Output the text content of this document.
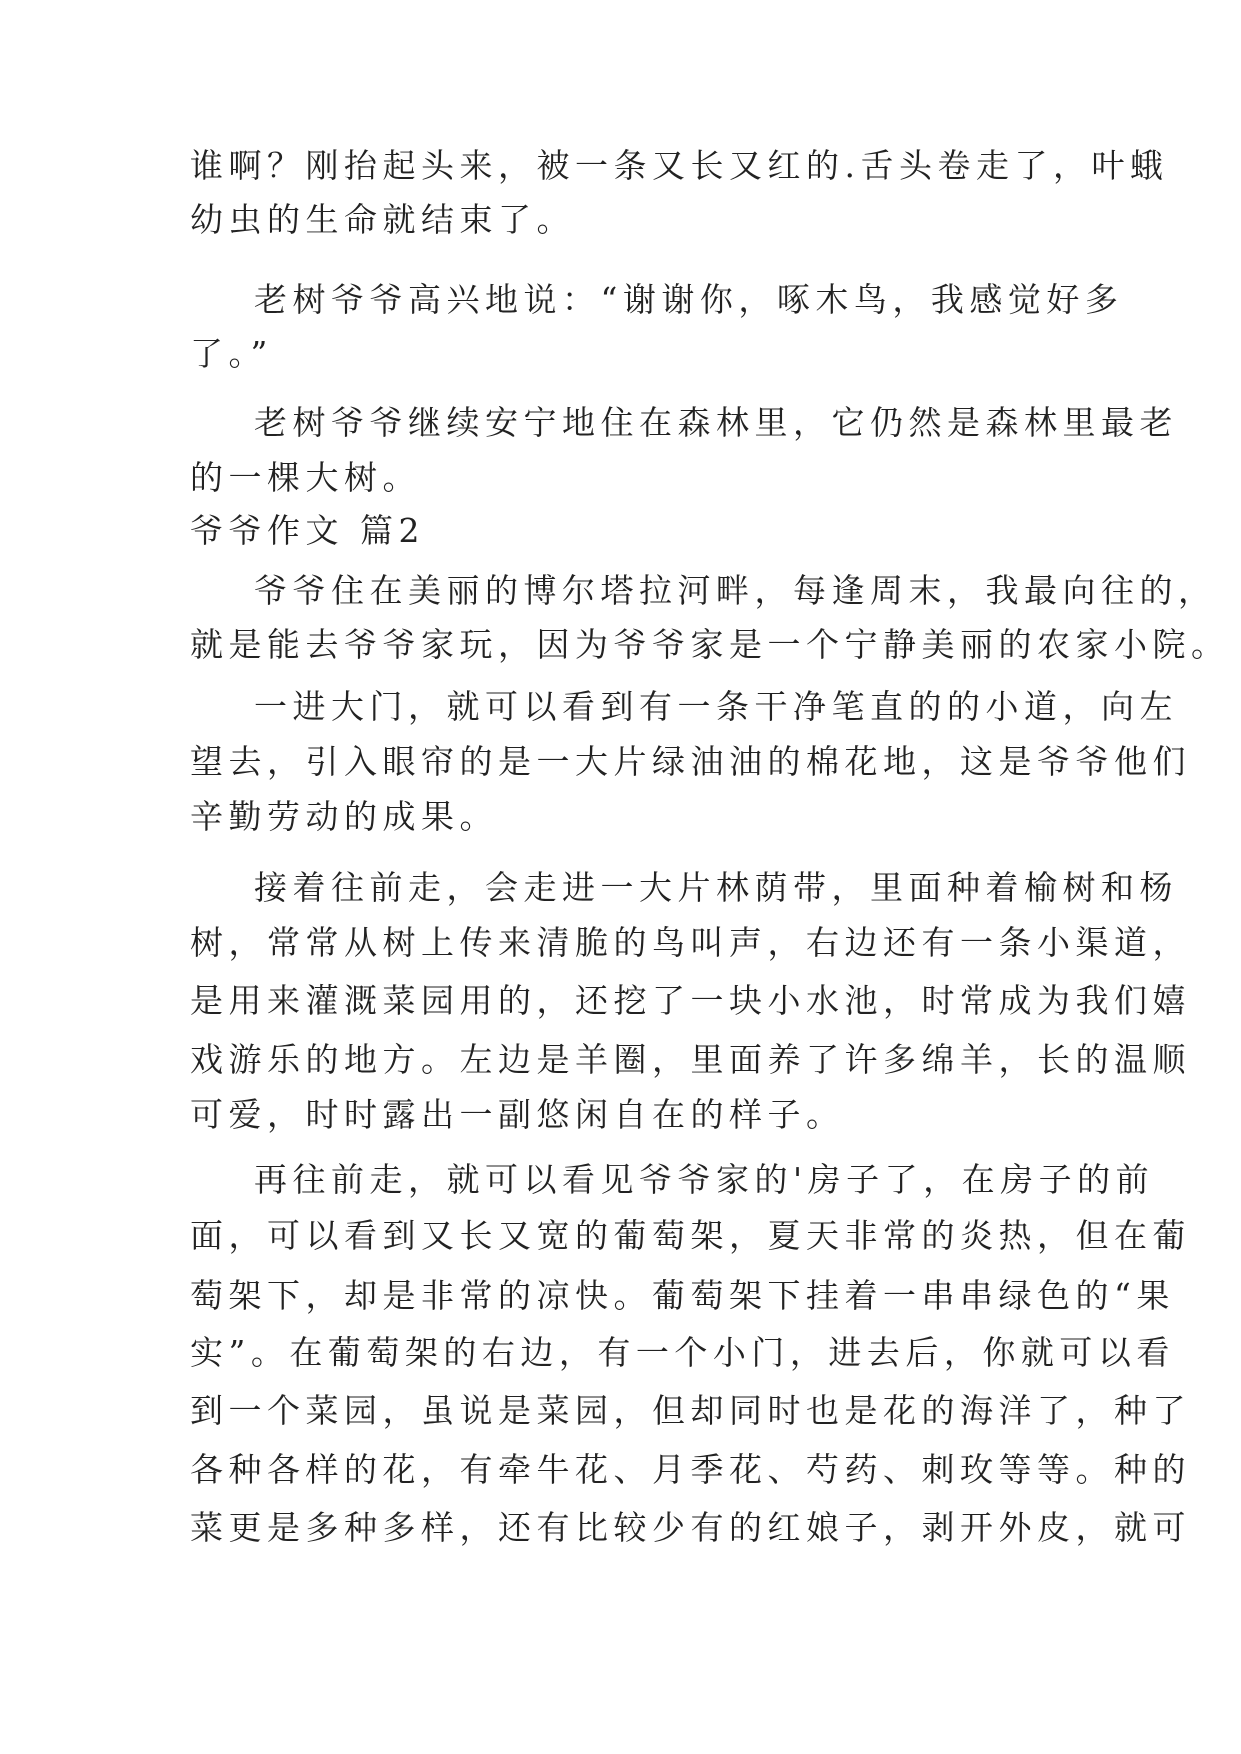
谁啊？刚抬起头来，被一条又长又红的.舌头卷走了，叶蛾

幼虫的生命就结束了。

老树爷爷高兴地说：“谢谢你，啄木鸟，我感觉好多

了。”

老树爷爷继续安宁地住在森林里，它仍然是森林里最老

的一棵大树。

爷爷作文 篇2

爷爷住在美丽的博尔塔拉河畔，每逢周末，我最向往的，

就是能去爷爷家玩，因为爷爷家是一个宁静美丽的农家小院。

一进大门，就可以看到有一条干净笔直的的小道，向左

望去，引入眼帘的是一大片绿油油的棉花地，这是爷爷他们

辛勤劳动的成果。

接着往前走，会走进一大片林荫带，里面种着榆树和杨

树，常常从树上传来清脆的鸟叫声，右边还有一条小渠道，

是用来灌溉菜园用的，还挖了一块小水池，时常成为我们嬉

戏游乐的地方。左边是羊圈，里面养了许多绵羊，长的温顺

可爱，时时露出一副悠闲自在的样子。

再往前走，就可以看见爷爷家的'房子了，在房子的前

面，可以看到又长又宽的葡萄架，夏天非常的炎热，但在葡

萄架下，却是非常的凉快。葡萄架下挂着一串串绿色的“果

实”。在葡萄架的右边，有一个小门，进去后，你就可以看

到一个菜园，虽说是菜园，但却同时也是花的海洋了，种了

各种各样的花，有牵牛花、月季花、芍药、刺玫等等。种的

菜更是多种多样，还有比较少有的红娘子，剥开外皮，就可
